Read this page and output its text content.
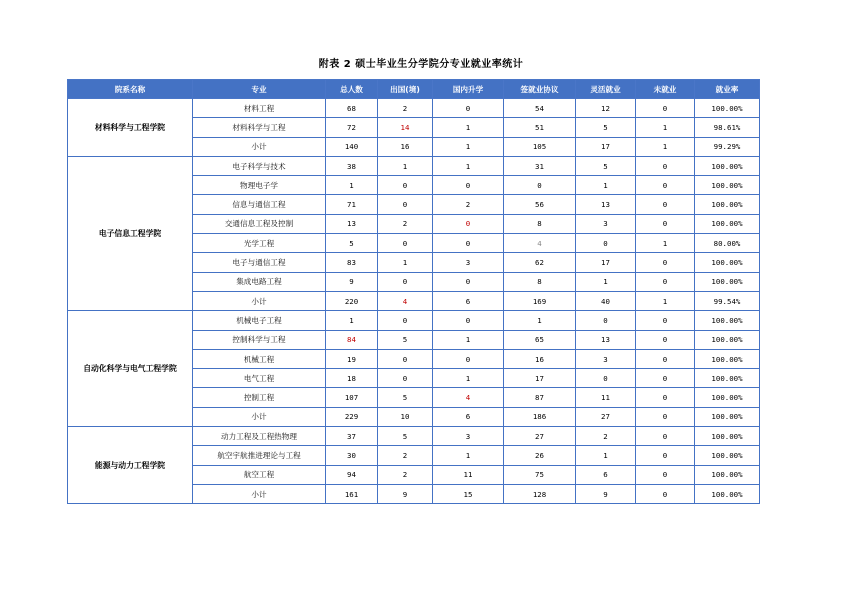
附表 2 硕士毕业生分学院分专业就业率统计
院系名称	专业	总人数	出国(境)	国内升学	签就业协议	灵活就业	未就业	就业率
材料科学与工程学院	材料工程	68	2	0	54	12	0	100.00%
	材料科学与工程	72	14	1	51	5	1	98.61%
	小计	140	16	1	105	17	1	99.29%
电子信息工程学院	电子科学与技术	38	1	1	31	5	0	100.00%
	物理电子学	1	0	0	0	1	0	100.00%
	信息与通信工程	71	0	2	56	13	0	100.00%
	交通信息工程及控制	13	2	0	8	3	0	100.00%
	光学工程	5	0	0	4	0	1	80.00%
	电子与通信工程	83	1	3	62	17	0	100.00%
	集成电路工程	9	0	0	8	1	0	100.00%
	小计	220	4	6	169	40	1	99.54%
自动化科学与电气工程学院	机械电子工程	1	0	0	1	0	0	100.00%
	控制科学与工程	84	5	1	65	13	0	100.00%
	机械工程	19	0	0	16	3	0	100.00%
	电气工程	18	0	1	17	0	0	100.00%
	控制工程	107	5	4	87	11	0	100.00%
	小计	229	10	6	186	27	0	100.00%
能源与动力工程学院	动力工程及工程热物理	37	5	3	27	2	0	100.00%
	航空宇航推进理论与工程	30	2	1	26	1	0	100.00%
	航空工程	94	2	11	75	6	0	100.00%
	小计	161	9	15	128	9	0	100.00%
